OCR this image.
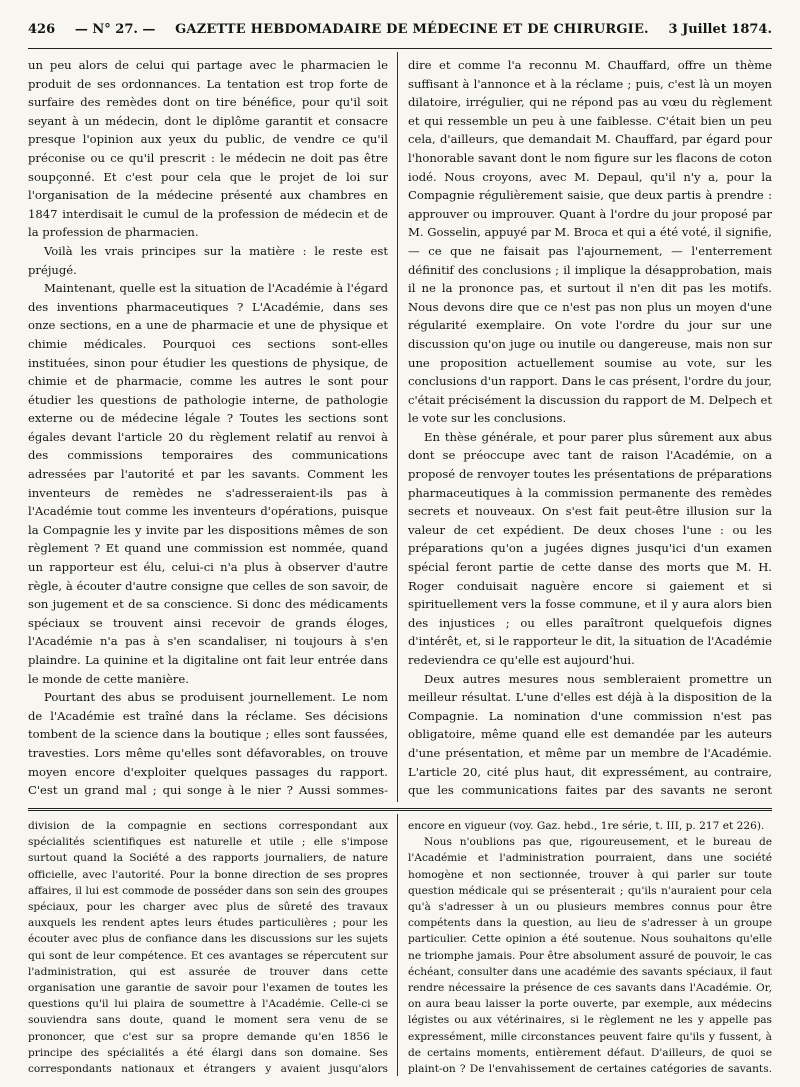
426 — N° 27. — GAZETTE HEBDOMADAIRE DE MÉDECINE ET DE CHIRURGIE. 3 Juillet 1874.

un peu alors de celui qui partage avec le pharmacien le produit de ses ordonnances. La tentation est trop forte de surfaire des remèdes dont on tire bénéfice, pour qu'il soit seyant à un médecin, dont le diplôme garantit et consacre presque l'opinion aux yeux du public, de vendre ce qu'il préconise ou ce qu'il prescrit : le médecin ne doit pas être soupçonné. Et c'est pour cela que le projet de loi sur l'organisation de la médecine présenté aux chambres en 1847 interdisait le cumul de la profession de médecin et de la profession de pharmacien.

Voilà les vrais principes sur la matière : le reste est préjugé.

Maintenant, quelle est la situation de l'Académie à l'égard des inventions pharmaceutiques ? L'Académie, dans ses onze sections, en a une de pharmacie et une de physique et chimie médicales. Pourquoi ces sections sont-elles instituées, sinon pour étudier les questions de physique, de chimie et de pharmacie, comme les autres le sont pour étudier les questions de pathologie interne, de pathologie externe ou de médecine légale ? Toutes les sections sont égales devant l'article 20 du règlement relatif au renvoi à des commissions temporaires des communications adressées par l'autorité et par les savants. Comment les inventeurs de remèdes ne s'adresseraient-ils pas à l'Académie tout comme les inventeurs d'opérations, puisque la Compagnie les y invite par les dispositions mêmes de son règlement ? Et quand une commission est nommée, quand un rapporteur est élu, celui-ci n'a plus à observer d'autre règle, à écouter d'autre consigne que celles de son savoir, de son jugement et de sa conscience. Si donc des médicaments spéciaux se trouvent ainsi recevoir de grands éloges, l'Académie n'a pas à s'en scandaliser, ni toujours à s'en plaindre. La quinine et la digitaline ont fait leur entrée dans le monde de cette manière.

Pourtant des abus se produisent journellement. Le nom de l'Académie est traîné dans la réclame. Ses décisions tombent de la science dans la boutique ; elles sont faussées, travesties. Lors même qu'elles sont défavorables, on trouve moyen encore d'exploiter quelques passages du rapport. C'est un grand mal ; qui songe à le nier ? Aussi sommes-

dire et comme l'a reconnu M. Chauffard, offre un thème suffisant à l'annonce et à la réclame ; puis, c'est là un moyen dilatoire, irrégulier, qui ne répond pas au vœu du règlement et qui ressemble un peu à une faiblesse. C'était bien un peu cela, d'ailleurs, que demandait M. Chauffard, par égard pour l'honorable savant dont le nom figure sur les flacons de coton iodé. Nous croyons, avec M. Depaul, qu'il n'y a, pour la Compagnie régulièrement saisie, que deux partis à prendre : approuver ou improuver. Quant à l'ordre du jour proposé par M. Gosselin, appuyé par M. Broca et qui a été voté, il signifie, — ce que ne faisait pas l'ajournement, — l'enterrement définitif des conclusions ; il implique la désapprobation, mais il ne la prononce pas, et surtout il n'en dit pas les motifs. Nous devons dire que ce n'est pas non plus un moyen d'une régularité exemplaire. On vote l'ordre du jour sur une discussion qu'on juge ou inutile ou dangereuse, mais non sur une proposition actuellement soumise au vote, sur les conclusions d'un rapport. Dans le cas présent, l'ordre du jour, c'était précisément la discussion du rapport de M. Delpech et le vote sur les conclusions.

En thèse générale, et pour parer plus sûrement aux abus dont se préoccupe avec tant de raison l'Académie, on a proposé de renvoyer toutes les présentations de préparations pharmaceutiques à la commission permanente des remèdes secrets et nouveaux. On s'est fait peut-être illusion sur la valeur de cet expédient. De deux choses l'une : ou les préparations qu'on a jugées dignes jusqu'ici d'un examen spécial feront partie de cette danse des morts que M. H. Roger conduisait naguère encore si gaiement et si spirituellement vers la fosse commune, et il y aura alors bien des injustices ; ou elles paraîtront quelquefois dignes d'intérêt, et, si le rapporteur le dit, la situation de l'Académie redeviendra ce qu'elle est aujourd'hui.

Deux autres mesures nous sembleraient promettre un meilleur résultat. L'une d'elles est déjà à la disposition de la Compagnie. La nomination d'une commission n'est pas obligatoire, même quand elle est demandée par les auteurs d'une présentation, et même par un membre de l'Académie. L'article 20, cité plus haut, dit expressément, au contraire, que les communications faites par des savants ne seront

division de la compagnie en sections correspondant aux spécialités scientifiques est naturelle et utile ; elle s'impose surtout quand la Société a des rapports journaliers, de nature officielle, avec l'autorité. Pour la bonne direction de ses propres affaires, il lui est commode de posséder dans son sein des groupes spéciaux, pour les charger avec plus de sûreté des travaux auxquels les rendent aptes leurs études particulières ; pour les écouter avec plus de confiance dans les discussions sur les sujets qui sont de leur compétence. Et ces avantages se répercutent sur l'administration, qui est assurée de trouver dans cette organisation une garantie de savoir pour l'examen de toutes les questions qu'il lui plaira de soumettre à l'Académie. Celle-ci se souviendra sans doute, quand le moment sera venu de se prononcer, que c'est sur sa propre demande qu'en 1856 le principe des spécialités a été élargi dans son domaine. Ses correspondants nationaux et étrangers y avaient jusqu'alors

encore en vigueur (voy. Gaz. hebd., 1re série, t. III, p. 217 et 226).

Nous n'oublions pas que, rigoureusement, et le bureau de l'Académie et l'administration pourraient, dans une société homogène et non sectionnée, trouver à qui parler sur toute question médicale qui se présenterait ; qu'ils n'auraient pour cela qu'à s'adresser à un ou plusieurs membres connus pour être compétents dans la question, au lieu de s'adresser à un groupe particulier. Cette opinion a été soutenue. Nous souhaitons qu'elle ne triomphe jamais. Pour être absolument assuré de pouvoir, le cas échéant, consulter dans une académie des savants spéciaux, il faut rendre nécessaire la présence de ces savants dans l'Académie. Or, on aura beau laisser la porte ouverte, par exemple, aux médecins légistes ou aux vétérinaires, si le règlement ne les y appelle pas expressément, mille circonstances peuvent faire qu'ils y fussent, à de certains moments, entièrement défaut. D'ailleurs, de quoi se plaint-on ? De l'envahissement de certaines catégories de savants.
